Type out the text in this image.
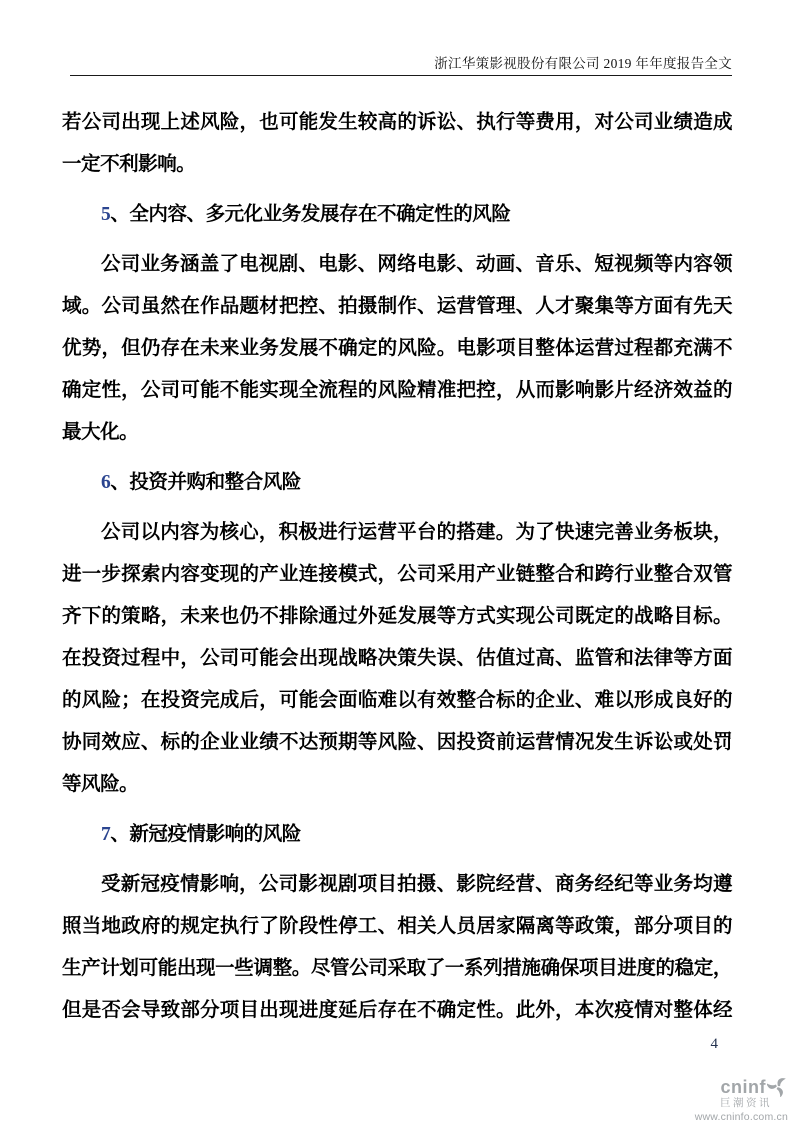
浙江华策影视股份有限公司 2019 年年度报告全文
若公司出现上述风险，也可能发生较高的诉讼、执行等费用，对公司业绩造成
一定不利影响。
5、全内容、多元化业务发展存在不确定性的风险
公司业务涵盖了电视剧、电影、网络电影、动画、音乐、短视频等内容领
域。公司虽然在作品题材把控、拍摄制作、运营管理、人才聚集等方面有先天
优势，但仍存在未来业务发展不确定的风险。电影项目整体运营过程都充满不
确定性，公司可能不能实现全流程的风险精准把控，从而影响影片经济效益的
最大化。
6、投资并购和整合风险
公司以内容为核心，积极进行运营平台的搭建。为了快速完善业务板块，
进一步探索内容变现的产业连接模式，公司采用产业链整合和跨行业整合双管
齐下的策略，未来也仍不排除通过外延发展等方式实现公司既定的战略目标。
在投资过程中，公司可能会出现战略决策失误、估值过高、监管和法律等方面
的风险；在投资完成后，可能会面临难以有效整合标的企业、难以形成良好的
协同效应、标的企业业绩不达预期等风险、因投资前运营情况发生诉讼或处罚
等风险。
7、新冠疫情影响的风险
受新冠疫情影响，公司影视剧项目拍摄、影院经营、商务经纪等业务均遵
照当地政府的规定执行了阶段性停工、相关人员居家隔离等政策，部分项目的
生产计划可能出现一些调整。尽管公司采取了一系列措施确保项目进度的稳定，
但是否会导致部分项目出现进度延后存在不确定性。此外，本次疫情对整体经
4
cninf
巨潮资讯
www.cninfo.com.cn
